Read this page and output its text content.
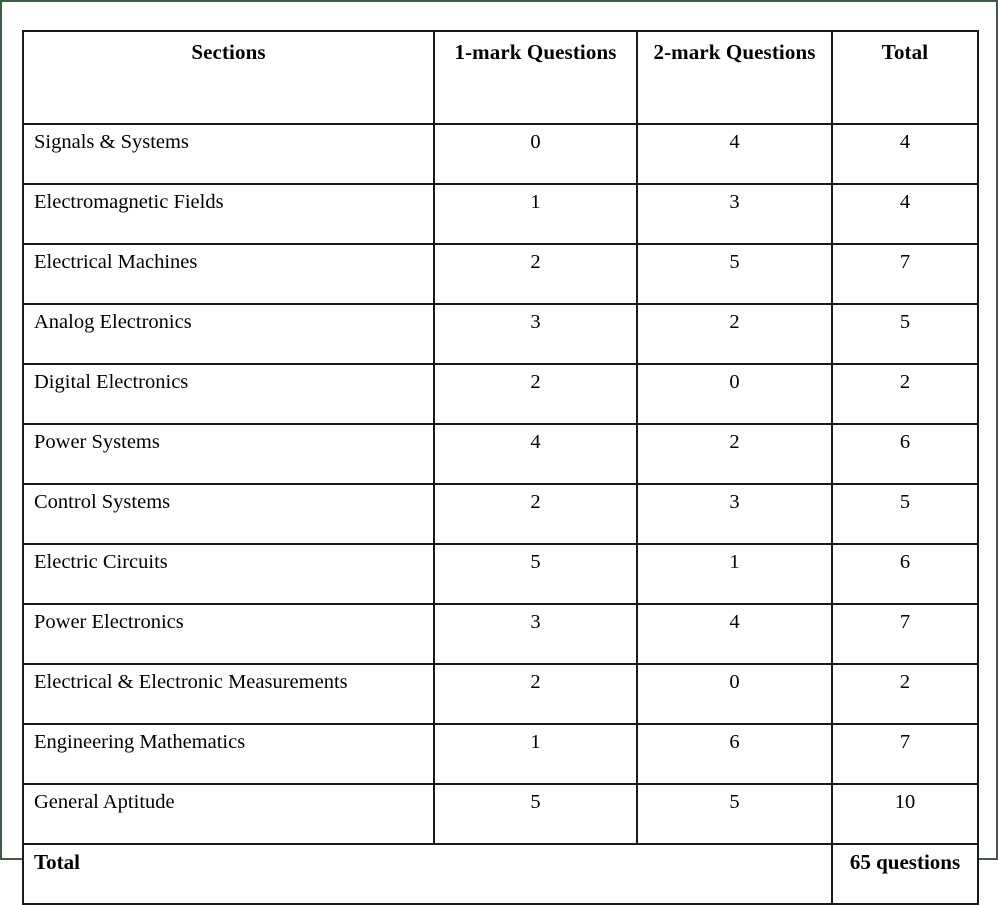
Sections	1-mark Questions	2-mark Questions	Total
Signals & Systems	0	4	4
Electromagnetic Fields	1	3	4
Electrical Machines	2	5	7
Analog Electronics	3	2	5
Digital Electronics	2	0	2
Power Systems	4	2	6
Control Systems	2	3	5
Electric Circuits	5	1	6
Power Electronics	3	4	7
Electrical & Electronic Measurements	2	0	2
Engineering Mathematics	1	6	7
General Aptitude	5	5	10
Total			65 questions
